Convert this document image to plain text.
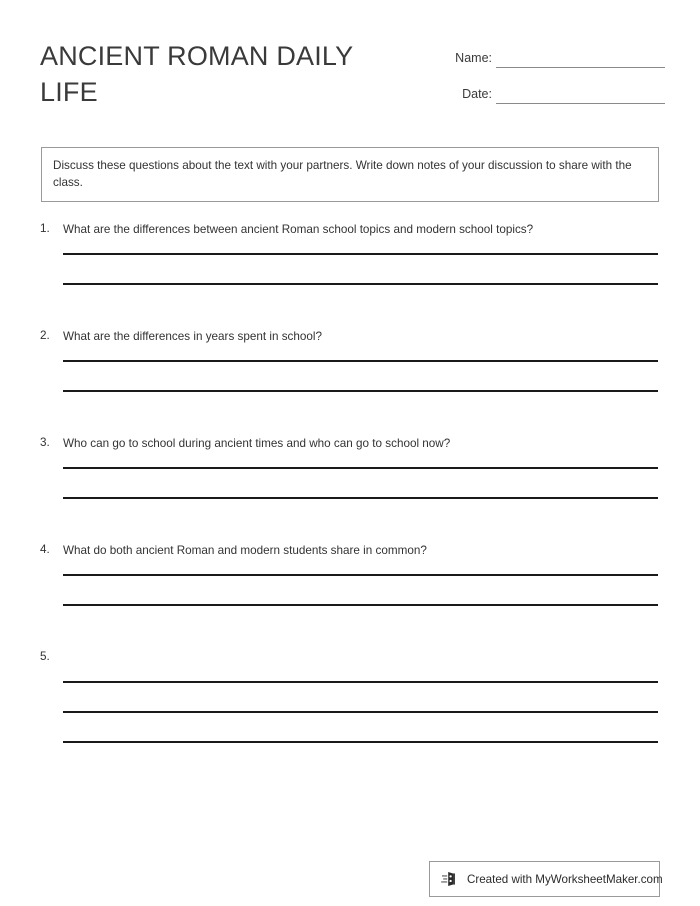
ANCIENT ROMAN DAILY LIFE
Name:
Date:
Discuss these questions about the text with your partners. Write down notes of your discussion to share with the class.
1. What are the differences between ancient Roman school topics and modern school topics?
2. What are the differences in years spent in school?
3. Who can go to school during ancient times and who can go to school now?
4. What do both ancient Roman and modern students share in common?
5.
Created with MyWorksheetMaker.com
